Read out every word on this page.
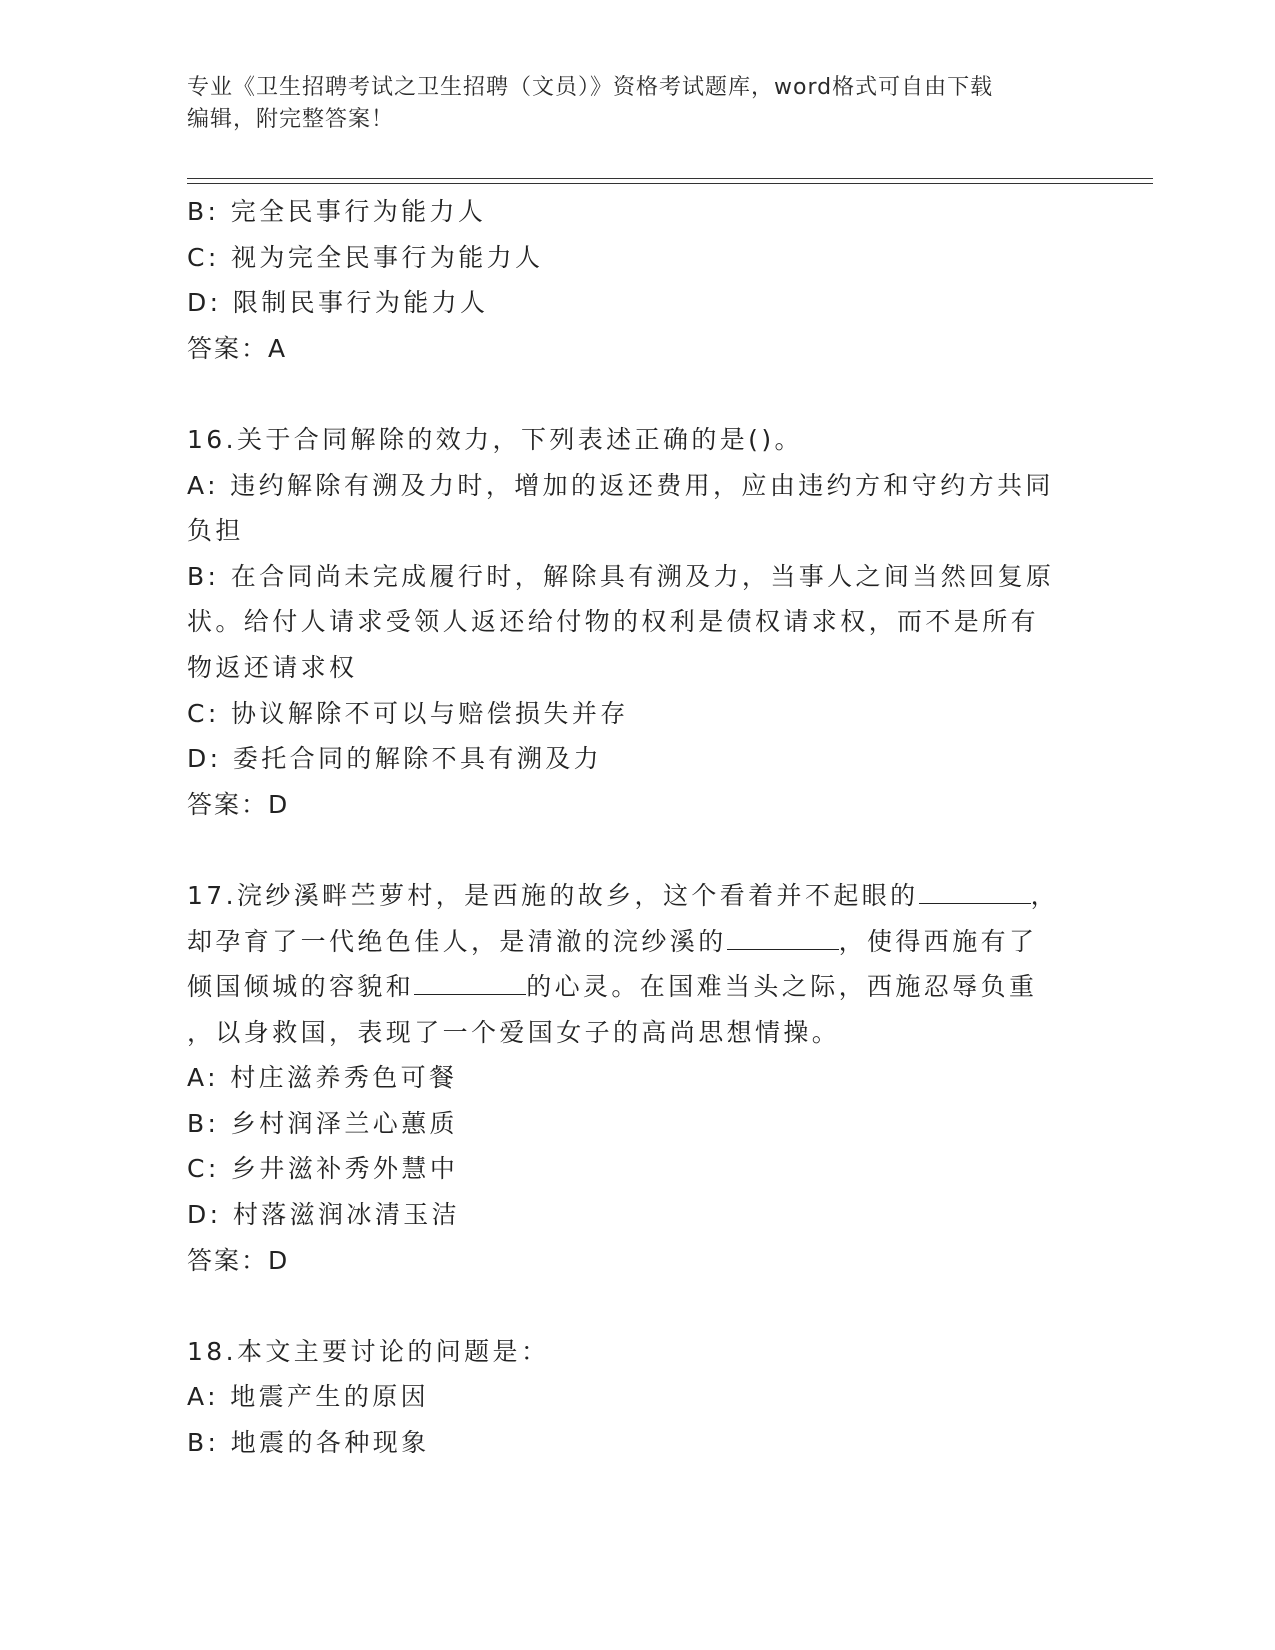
专业《卫生招聘考试之卫生招聘（文员）》资格考试题库，word格式可自由下载
编辑，附完整答案！

B: 完全民事行为能力人

C: 视为完全民事行为能力人

D: 限制民事行为能力人

答案：A

16.关于合同解除的效力，下列表述正确的是()。

A: 违约解除有溯及力时，增加的返还费用，应由违约方和守约方共同

负担

B: 在合同尚未完成履行时，解除具有溯及力，当事人之间当然回复原

状。给付人请求受领人返还给付物的权利是债权请求权，而不是所有

物返还请求权

C: 协议解除不可以与赔偿损失并存

D: 委托合同的解除不具有溯及力

答案：D

17.浣纱溪畔苎萝村，是西施的故乡，这个看着并不起眼的	，

却孕育了一代绝色佳人，是清澈的浣纱溪的	，使得西施有了

倾国倾城的容貌和	的心灵。在国难当头之际，西施忍辱负重

，以身救国，表现了一个爱国女子的高尚思想情操。

A: 村庄滋养秀色可餐

B: 乡村润泽兰心蕙质

C: 乡井滋补秀外慧中

D: 村落滋润冰清玉洁

答案：D

18.本文主要讨论的问题是：

A: 地震产生的原因

B: 地震的各种现象
